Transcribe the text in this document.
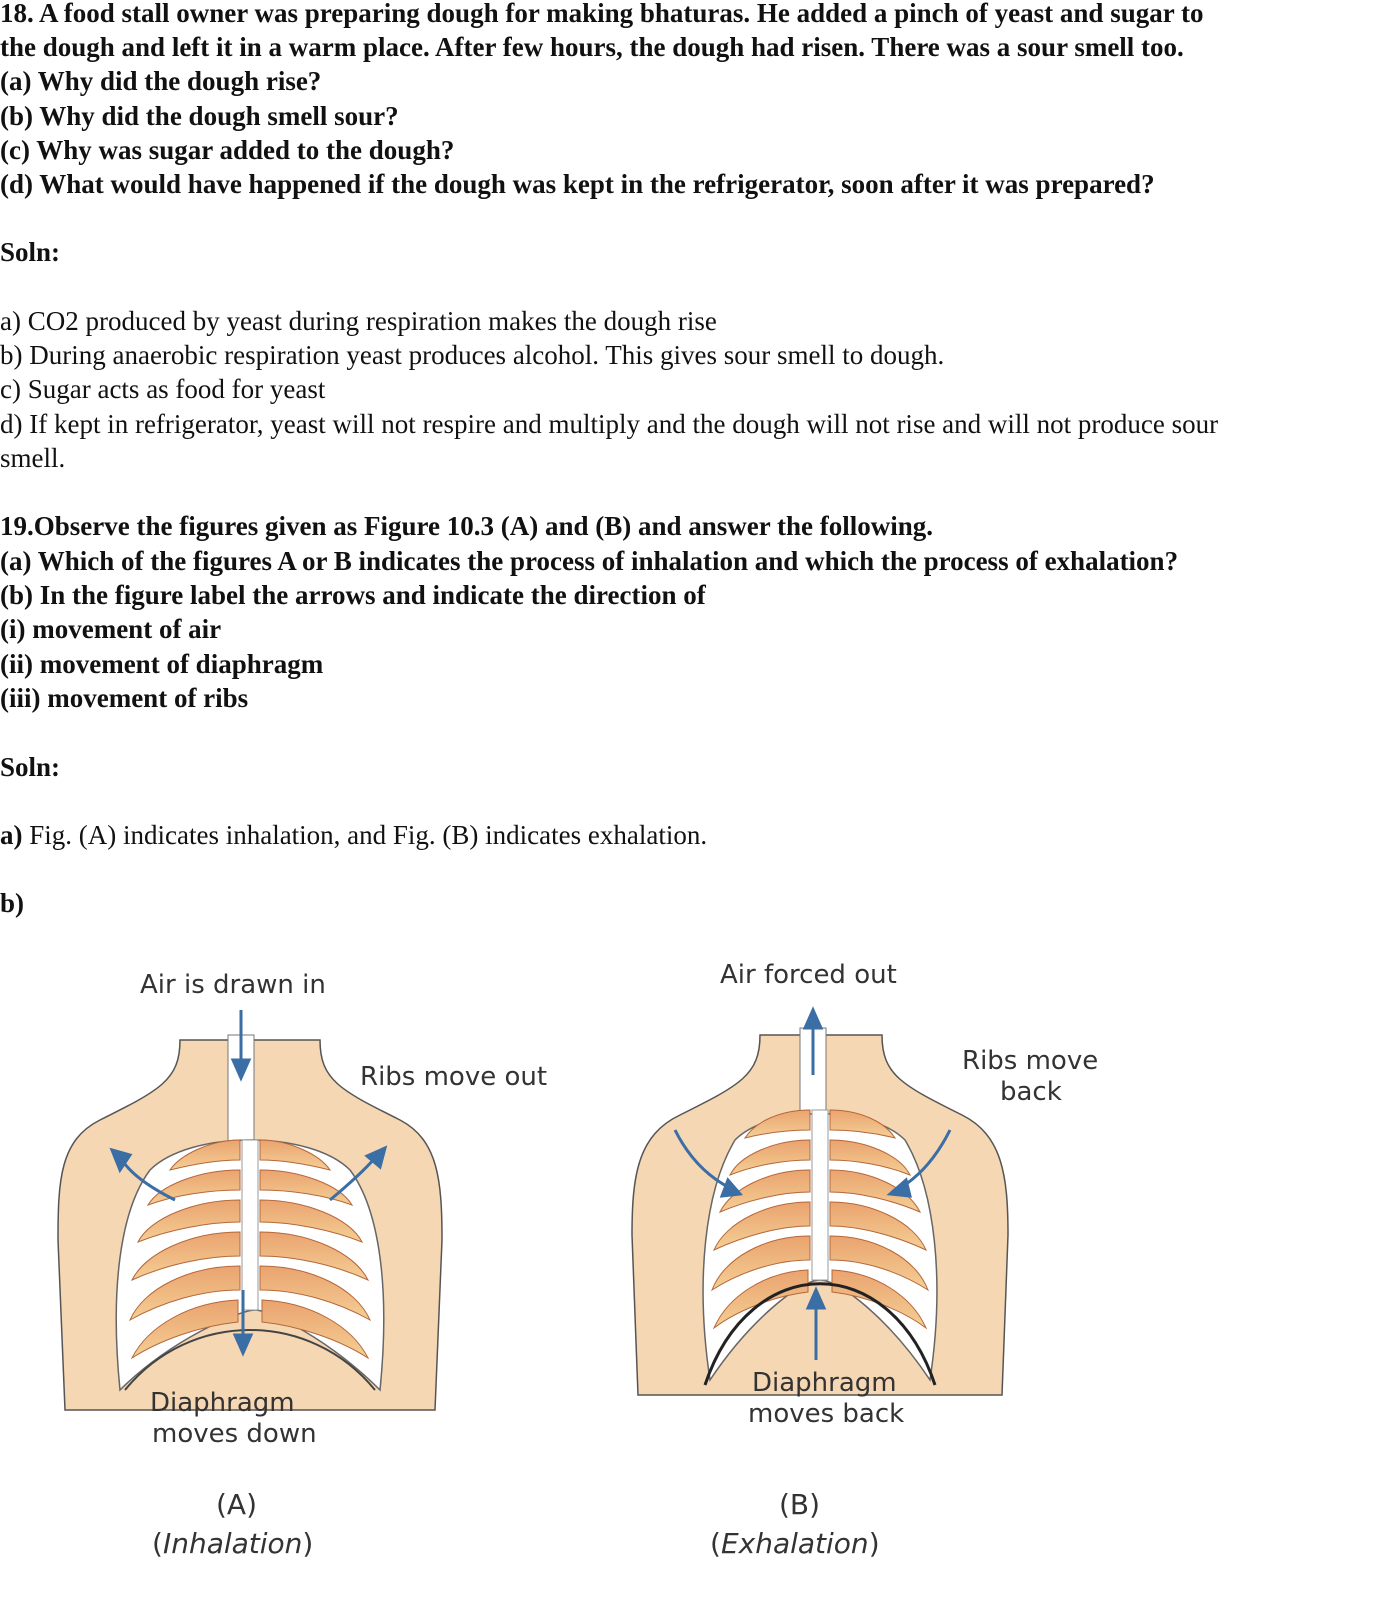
18. A food stall owner was preparing dough for making bhaturas. He added a pinch of yeast and sugar to
the dough and left it in a warm place. After few hours, the dough had risen. There was a sour smell too.
(a) Why did the dough rise?
(b) Why did the dough smell sour?
(c) Why was sugar added to the dough?
(d) What would have happened if the dough was kept in the refrigerator, soon after it was prepared?
Soln:
a) CO2 produced by yeast during respiration makes the dough rise
b) During anaerobic respiration yeast produces alcohol. This gives sour smell to dough.
c) Sugar acts as food for yeast
d) If kept in refrigerator, yeast will not respire and multiply and the dough will not rise and will not produce sour
smell.
19.Observe the figures given as Figure 10.3 (A) and (B) and answer the following.
(a) Which of the figures A or B indicates the process of inhalation and which the process of exhalation?
(b) In the figure label the arrows and indicate the direction of
(i) movement of air
(ii) movement of diaphragm
(iii) movement of ribs
Soln:
a) Fig. (A) indicates inhalation, and Fig. (B) indicates exhalation.
b)
Air is drawn in
Ribs move out
Diaphragm
moves down
(A)
(Inhalation)
Air forced out
Ribs move
back
Diaphragm
moves back
(B)
(Exhalation)
